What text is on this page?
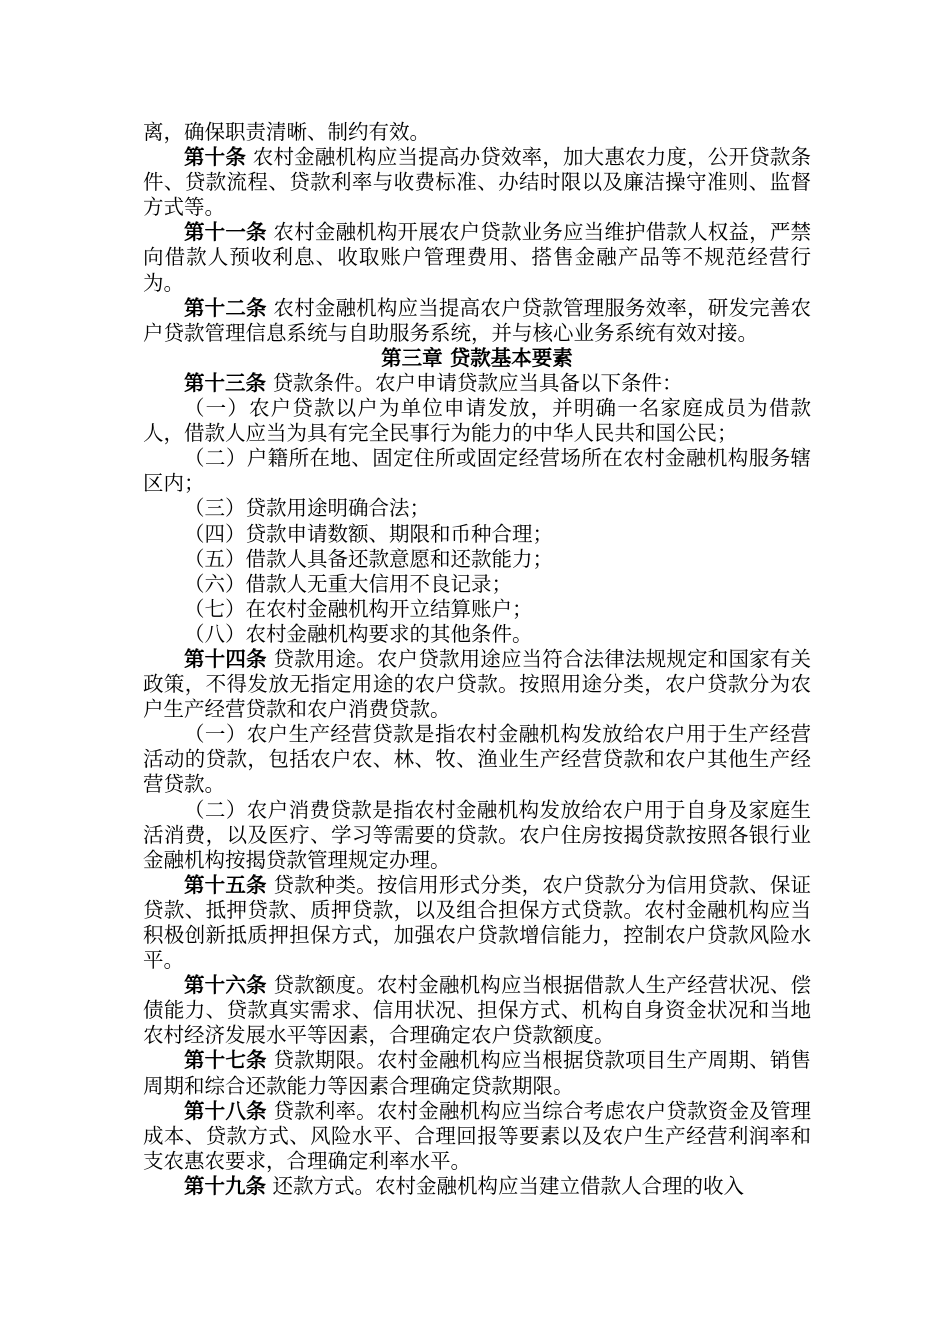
离，确保职责清晰、制约有效。

第十条 农村金融机构应当提高办贷效率，加大惠农力度，公开贷款条件、贷款流程、贷款利率与收费标准、办结时限以及廉洁操守准则、监督方式等。

第十一条 农村金融机构开展农户贷款业务应当维护借款人权益，严禁向借款人预收利息、收取账户管理费用、搭售金融产品等不规范经营行为。

第十二条 农村金融机构应当提高农户贷款管理服务效率，研发完善农户贷款管理信息系统与自助服务系统，并与核心业务系统有效对接。

第三章 贷款基本要素

第十三条 贷款条件。农户申请贷款应当具备以下条件：

（一）农户贷款以户为单位申请发放，并明确一名家庭成员为借款人，借款人应当为具有完全民事行为能力的中华人民共和国公民；

（二）户籍所在地、固定住所或固定经营场所在农村金融机构服务辖区内；

（三）贷款用途明确合法；

（四）贷款申请数额、期限和币种合理；

（五）借款人具备还款意愿和还款能力；

（六）借款人无重大信用不良记录；

（七）在农村金融机构开立结算账户；

（八）农村金融机构要求的其他条件。

第十四条 贷款用途。农户贷款用途应当符合法律法规规定和国家有关政策，不得发放无指定用途的农户贷款。按照用途分类，农户贷款分为农户生产经营贷款和农户消费贷款。

（一）农户生产经营贷款是指农村金融机构发放给农户用于生产经营活动的贷款，包括农户农、林、牧、渔业生产经营贷款和农户其他生产经营贷款。

（二）农户消费贷款是指农村金融机构发放给农户用于自身及家庭生活消费，以及医疗、学习等需要的贷款。农户住房按揭贷款按照各银行业金融机构按揭贷款管理规定办理。

第十五条 贷款种类。按信用形式分类，农户贷款分为信用贷款、保证贷款、抵押贷款、质押贷款，以及组合担保方式贷款。农村金融机构应当积极创新抵质押担保方式，加强农户贷款增信能力，控制农户贷款风险水平。

第十六条 贷款额度。农村金融机构应当根据借款人生产经营状况、偿债能力、贷款真实需求、信用状况、担保方式、机构自身资金状况和当地农村经济发展水平等因素，合理确定农户贷款额度。

第十七条 贷款期限。农村金融机构应当根据贷款项目生产周期、销售周期和综合还款能力等因素合理确定贷款期限。

第十八条 贷款利率。农村金融机构应当综合考虑农户贷款资金及管理成本、贷款方式、风险水平、合理回报等要素以及农户生产经营利润率和支农惠农要求，合理确定利率水平。

第十九条 还款方式。农村金融机构应当建立借款人合理的收入
